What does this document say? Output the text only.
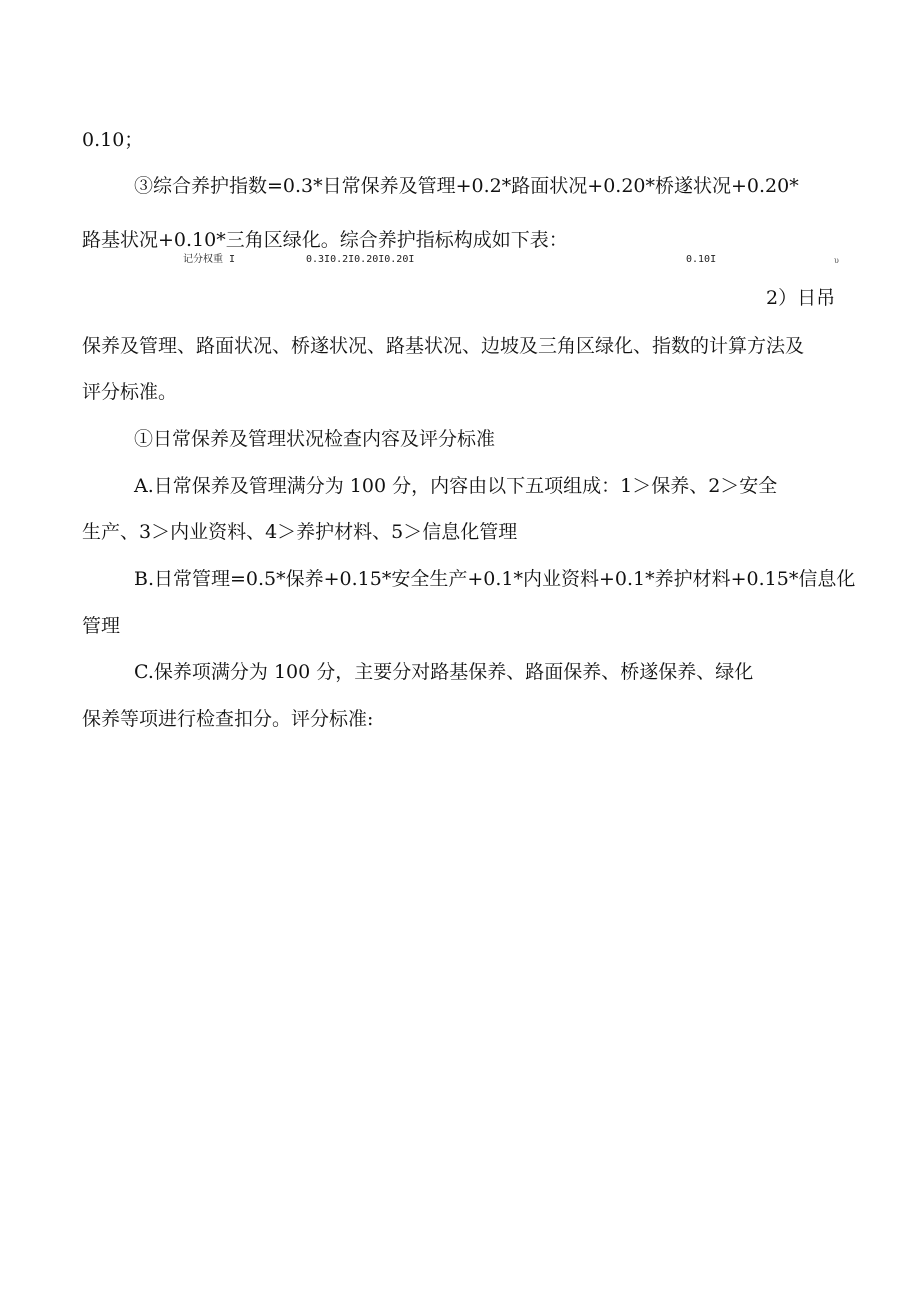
0.10；
③综合养护指数=0.3*日常保养及管理+0.2*路面状况+0.20*桥遂状况+0.20*
路基状况+0.10*三角区绿化。综合养护指标构成如下表：
记分权重 I	0.3I0.2I0.20I0.20I	0.10I	υ
2）日吊
保养及管理、路面状况、桥遂状况、路基状况、边坡及三角区绿化、指数的计算方法及
评分标准。
①日常保养及管理状况检查内容及评分标准
A.日常保养及管理满分为 100 分，内容由以下五项组成：1＞保养、2＞安全
生产、3＞内业资料、4＞养护材料、5＞信息化管理
B.日常管理=0.5*保养+0.15*安全生产+0.1*内业资料+0.1*养护材料+0.15*信息化
管理
C.保养项满分为 100 分，主要分对路基保养、路面保养、桥遂保养、绿化
保养等项进行检查扣分。评分标准:
